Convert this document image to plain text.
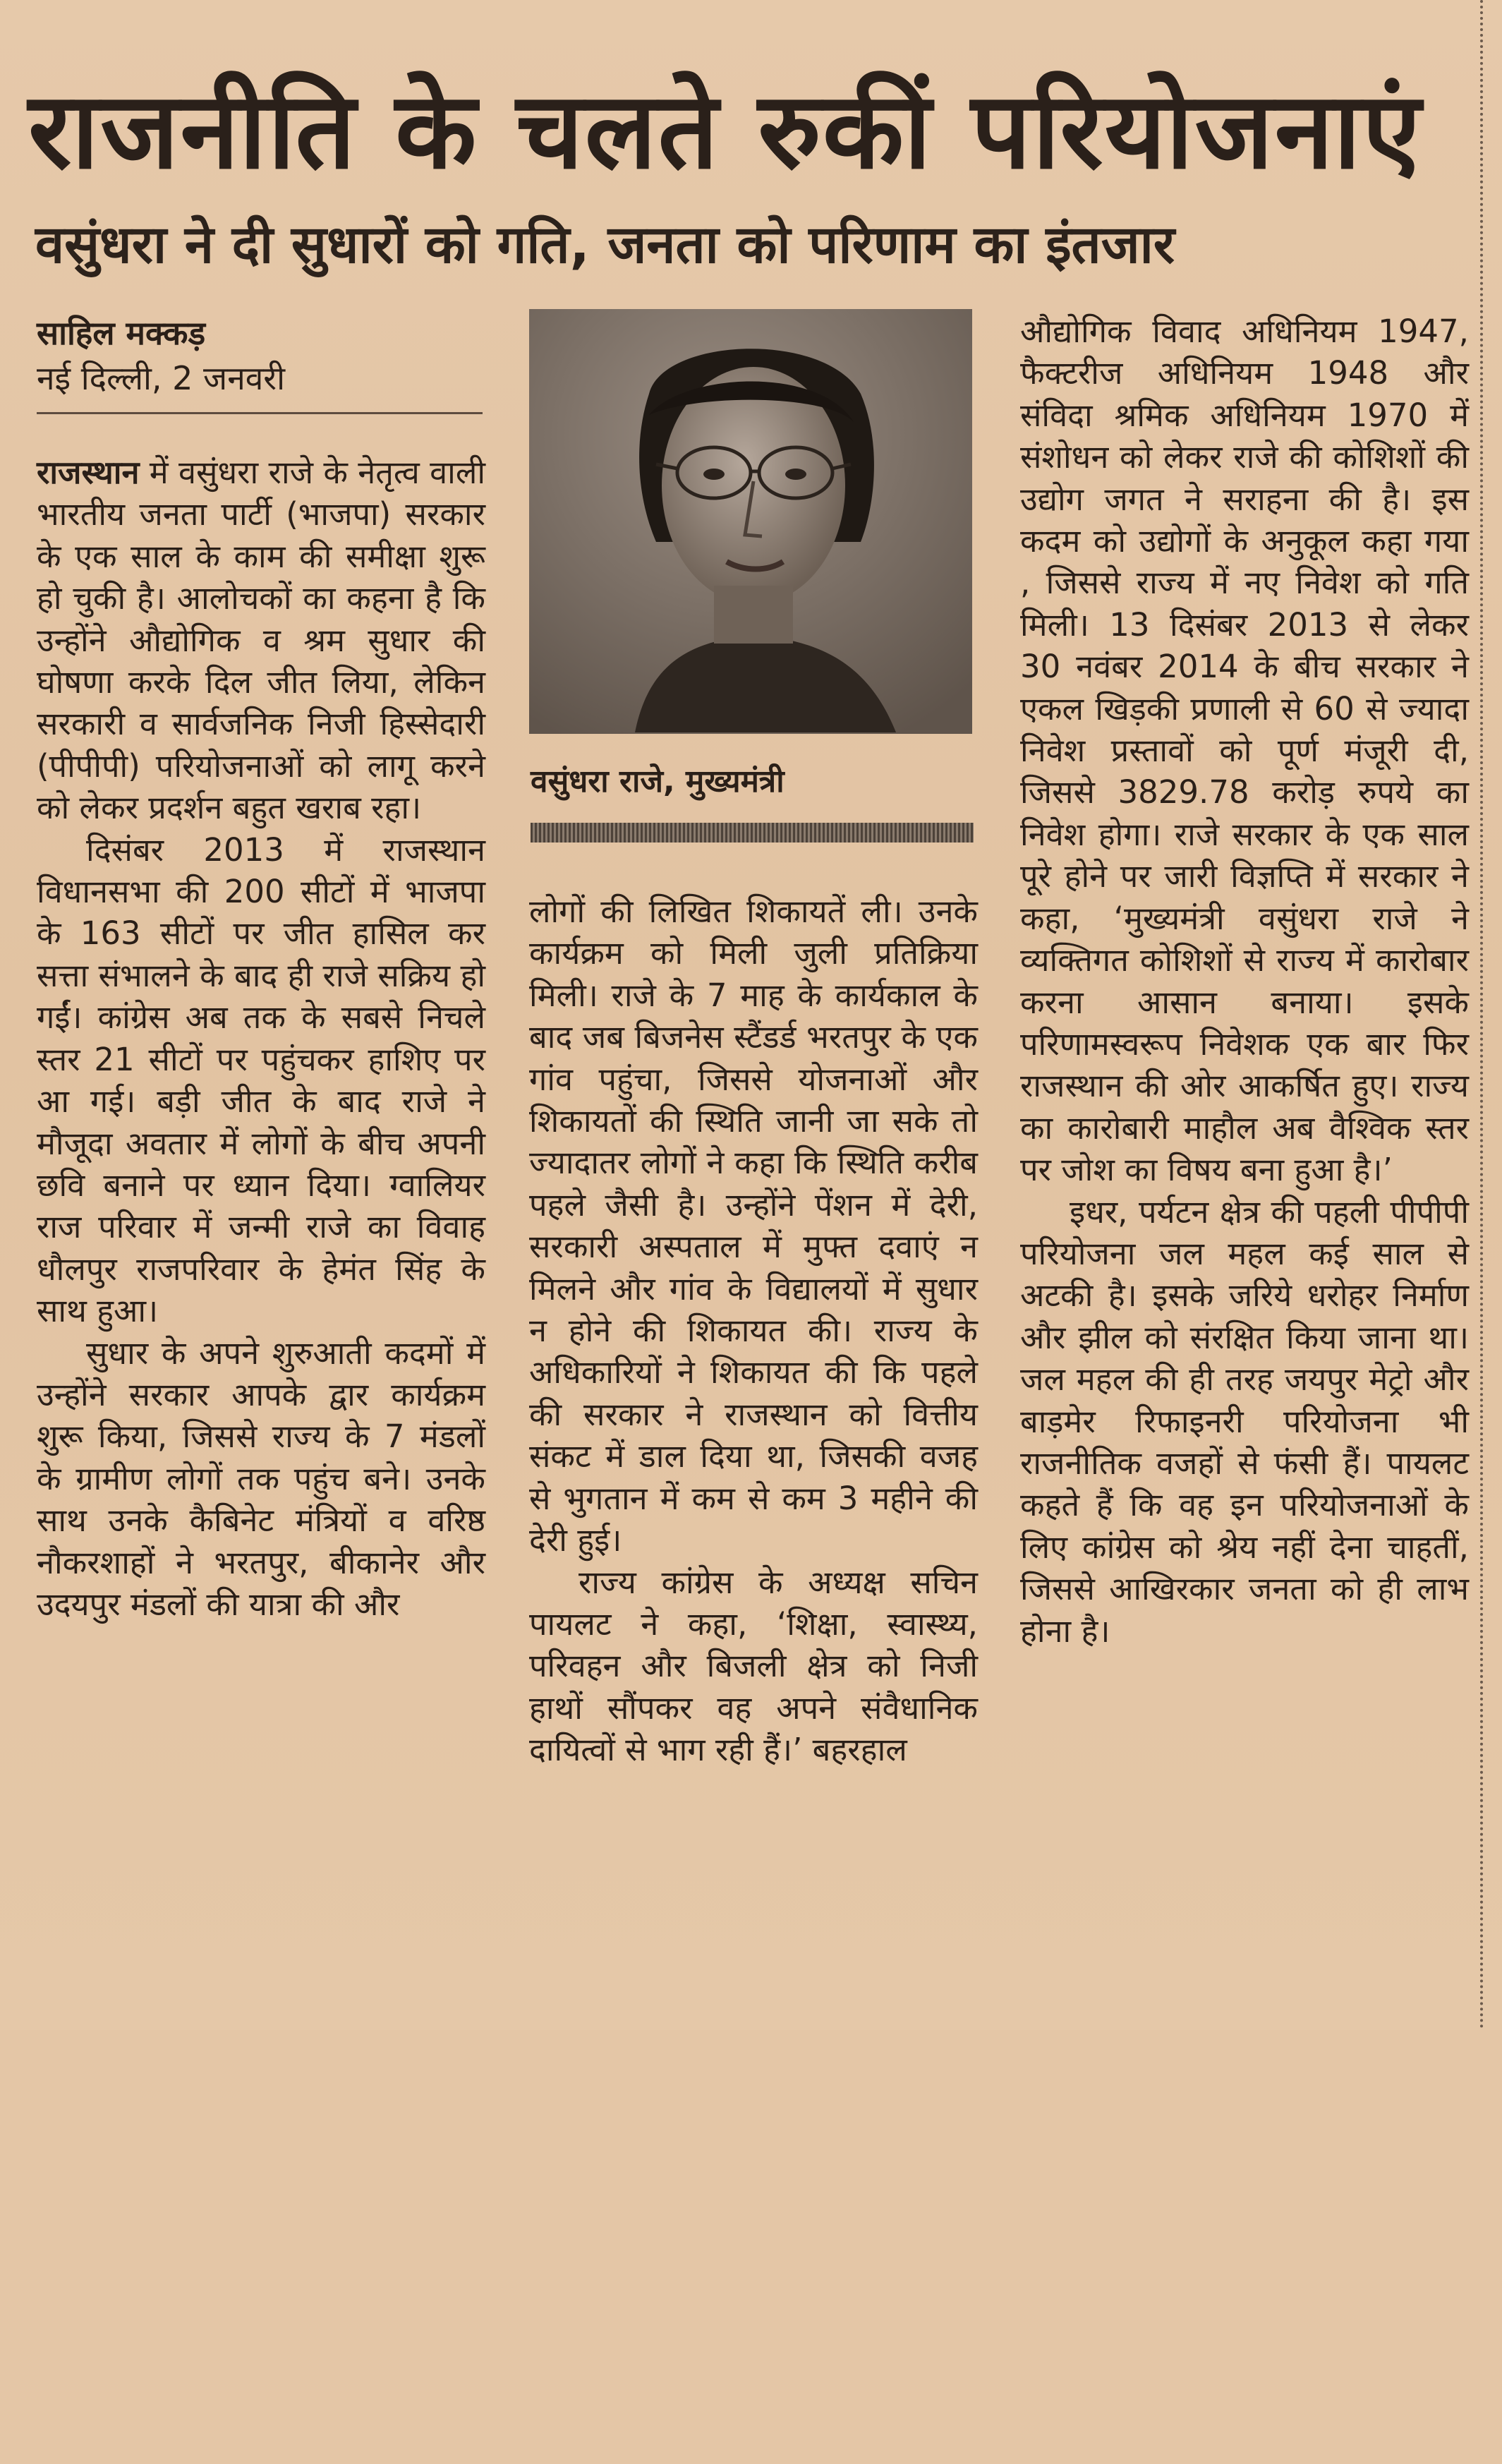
राजनीति के चलते रुकीं परियोजनाएं
वसुंधरा ने दी सुधारों को गति, जनता को परिणाम का इंतजार
साहिल मक्कड़
नई दिल्ली, 2 जनवरी

राजस्थान में वसुंधरा राजे के नेतृत्व वाली भारतीय जनता पार्टी (भाजपा) सरकार के एक साल के काम की समीक्षा शुरू हो चुकी है। आलोचकों का कहना है कि उन्होंने औद्योगिक व श्रम सुधार की घोषणा करके दिल जीत लिया, लेकिन सरकारी व सार्वजनिक निजी हिस्सेदारी (पीपीपी) परियोजनाओं को लागू करने को लेकर प्रदर्शन बहुत खराब रहा।

दिसंबर 2013 में राजस्थान विधानसभा की 200 सीटों में भाजपा के 163 सीटों पर जीत हासिल कर सत्ता संभालने के बाद ही राजे सक्रिय हो गईं। कांग्रेस अब तक के सबसे निचले स्तर 21 सीटों पर पहुंचकर हाशिए पर आ गई। बड़ी जीत के बाद राजे ने मौजूदा अवतार में लोगों के बीच अपनी छवि बनाने पर ध्यान दिया। ग्वालियर राज परिवार में जन्मी राजे का विवाह धौलपुर राजपरिवार के हेमंत सिंह के साथ हुआ।

सुधार के अपने शुरुआती कदमों में उन्होंने सरकार आपके द्वार कार्यक्रम शुरू किया, जिससे राज्य के 7 मंडलों के ग्रामीण लोगों तक पहुंच बने। उनके साथ उनके कैबिनेट मंत्रियों व वरिष्ठ नौकरशाहों ने भरतपुर, बीकानेर और उदयपुर मंडलों की यात्रा की और

वसुंधरा राजे, मुख्यमंत्री

लोगों की लिखित शिकायतें ली। उनके कार्यक्रम को मिली जुली प्रतिक्रिया मिली। राजे के 7 माह के कार्यकाल के बाद जब बिजनेस स्टैंडर्ड भरतपुर के एक गांव पहुंचा, जिससे योजनाओं और शिकायतों की स्थिति जानी जा सके तो ज्यादातर लोगों ने कहा कि स्थिति करीब पहले जैसी है। उन्होंने पेंशन में देरी, सरकारी अस्पताल में मुफ्त दवाएं न मिलने और गांव के विद्यालयों में सुधार न होने की शिकायत की। राज्य के अधिकारियों ने शिकायत की कि पहले की सरकार ने राजस्थान को वित्तीय संकट में डाल दिया था, जिसकी वजह से भुगतान में कम से कम 3 महीने की देरी हुई।

राज्य कांग्रेस के अध्यक्ष सचिन पायलट ने कहा, ‘शिक्षा, स्वास्थ्य, परिवहन और बिजली क्षेत्र को निजी हाथों सौंपकर वह अपने संवैधानिक दायित्वों से भाग रही हैं।’ बहरहाल

औद्योगिक विवाद अधिनियम 1947, फैक्टरीज अधिनियम 1948 और संविदा श्रमिक अधिनियम 1970 में संशोधन को लेकर राजे की कोशिशों की उद्योग जगत ने सराहना की है। इस कदम को उद्योगों के अनुकूल कहा गया , जिससे राज्य में नए निवेश को गति मिली। 13 दिसंबर 2013 से लेकर 30 नवंबर 2014 के बीच सरकार ने एकल खिड़की प्रणाली से 60 से ज्यादा निवेश प्रस्तावों को पूर्ण मंजूरी दी, जिससे 3829.78 करोड़ रुपये का निवेश होगा। राजे सरकार के एक साल पूरे होने पर जारी विज्ञप्ति में सरकार ने कहा, ‘मुख्यमंत्री वसुंधरा राजे ने व्यक्तिगत कोशिशों से राज्य में कारोबार करना आसान बनाया। इसके परिणामस्वरूप निवेशक एक बार फिर राजस्थान की ओर आकर्षित हुए। राज्य का कारोबारी माहौल अब वैश्विक स्तर पर जोश का विषय बना हुआ है।’

इधर, पर्यटन क्षेत्र की पहली पीपीपी परियोजना जल महल कई साल से अटकी है। इसके जरिये धरोहर निर्माण और झील को संरक्षित किया जाना था। जल महल की ही तरह जयपुर मेट्रो और बाड़मेर रिफाइनरी परियोजना भी राजनीतिक वजहों से फंसी हैं। पायलट कहते हैं कि वह इन परियोजनाओं के लिए कांग्रेस को श्रेय नहीं देना चाहतीं, जिससे आखिरकार जनता को ही लाभ होना है।
